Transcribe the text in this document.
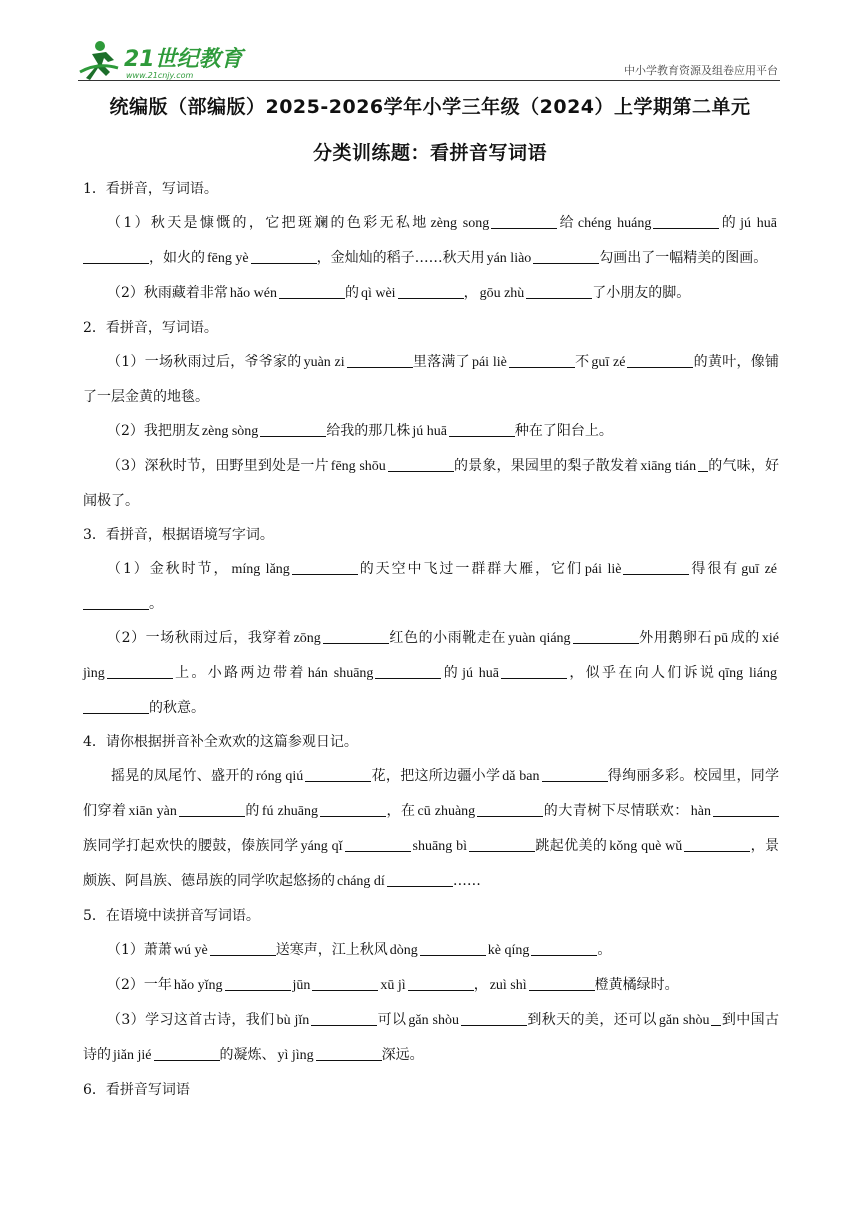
21世纪教育
www.21cnjy.com	中小学教育资源及组卷应用平台
统编版（部编版）2025-2026学年小学三年级（2024）上学期第二单元
分类训练题：看拼音写词语

1．看拼音，写词语。

（1）秋天是慷慨的，它把斑斓的色彩无私地 zèng song	给 chéng huáng	的 jú huā，如火的 fēng yè	，金灿灿的稻子……秋天用 yán liào	勾画出了一幅精美的图画。

（2）秋雨藏着非常 hǎo wén	的 qì wèi	， gōu zhù	了小朋友的脚。

2．看拼音，写词语。

（1）一场秋雨过后，爷爷家的 yuàn zi	里落满了 pái liè	不 guī zé	的黄叶，像铺了一层金黄的地毯。

（2）我把朋友 zèng sòng	给我的那几株 jú huā	种在了阳台上。

（3）深秋时节，田野里到处是一片 fēng shōu	的景象，果园里的梨子散发着 xiāng tián 的气味，好闻极了。

3．看拼音，根据语境写字词。

（1）金秋时节， míng lǎng	的天空中飞过一群群大雁，它们 pái liè	得很有 guī zé。

（2）一场秋雨过后，我穿着 zōng	红色的小雨靴走在 yuàn qiáng	外用鹅卵石 pū 成的 xié jìng	上。小路两边带着 hán shuāng	的 jú huā	，似乎在向人们诉说 qīng liáng的秋意。

4．请你根据拼音补全欢欢的这篇参观日记。

摇晃的凤尾竹、盛开的 róng qiú	花，把这所边疆小学 dǎ ban	得绚丽多彩。校园里，同学们穿着 xiān yàn	的 fú zhuāng	，在 cū zhuàng	的大青树下尽情联欢： hàn族同学打起欢快的腰鼓，傣族同学 yáng qǐ	shuāng bì	跳起优美的 kǒng què wǔ	，景颇族、阿昌族、德昂族的同学吹起悠扬的 cháng dí	……

5．在语境中读拼音写词语。

（1）萧萧 wú yè	送寒声，江上秋风 dòng	kè qíng	。

（2）一年 hǎo yǐng	jūn	xū jì	， zuì shì	橙黄橘绿时。

（3）学习这首古诗，我们 bù jǐn	可以 gǎn shòu	到秋天的美，还可以 gǎn shòu 到中国古诗的 jiǎn jié	的凝炼、 yì jìng	深远。

6．看拼音写词语
